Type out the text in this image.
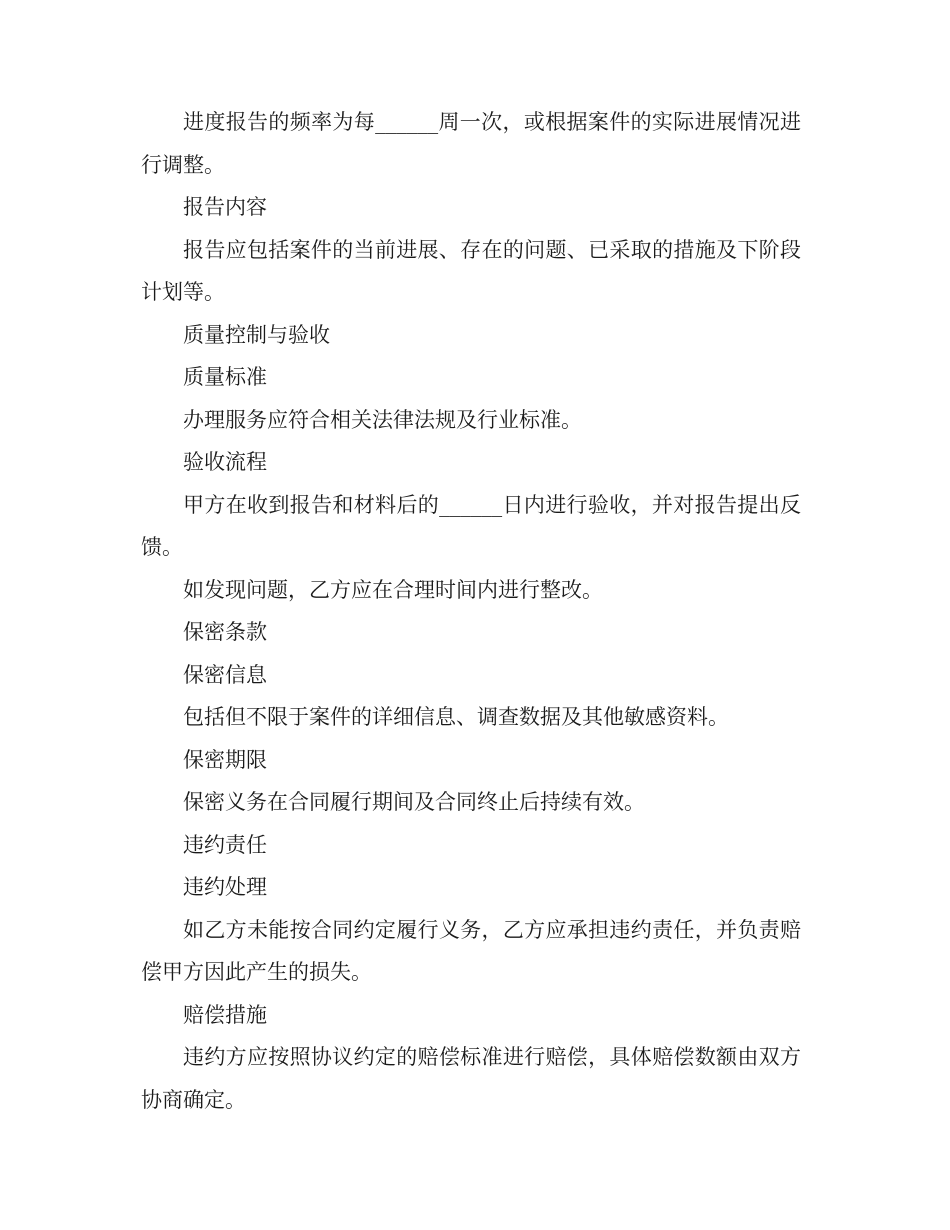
进度报告的频率为每______周一次，或根据案件的实际进展情况进行调整。

报告内容

报告应包括案件的当前进展、存在的问题、已采取的措施及下阶段计划等。

质量控制与验收

质量标准

办理服务应符合相关法律法规及行业标准。

验收流程

甲方在收到报告和材料后的______日内进行验收，并对报告提出反馈。

如发现问题，乙方应在合理时间内进行整改。

保密条款

保密信息

包括但不限于案件的详细信息、调查数据及其他敏感资料。

保密期限

保密义务在合同履行期间及合同终止后持续有效。

违约责任

违约处理

如乙方未能按合同约定履行义务，乙方应承担违约责任，并负责赔偿甲方因此产生的损失。

赔偿措施

违约方应按照协议约定的赔偿标准进行赔偿，具体赔偿数额由双方协商确定。
